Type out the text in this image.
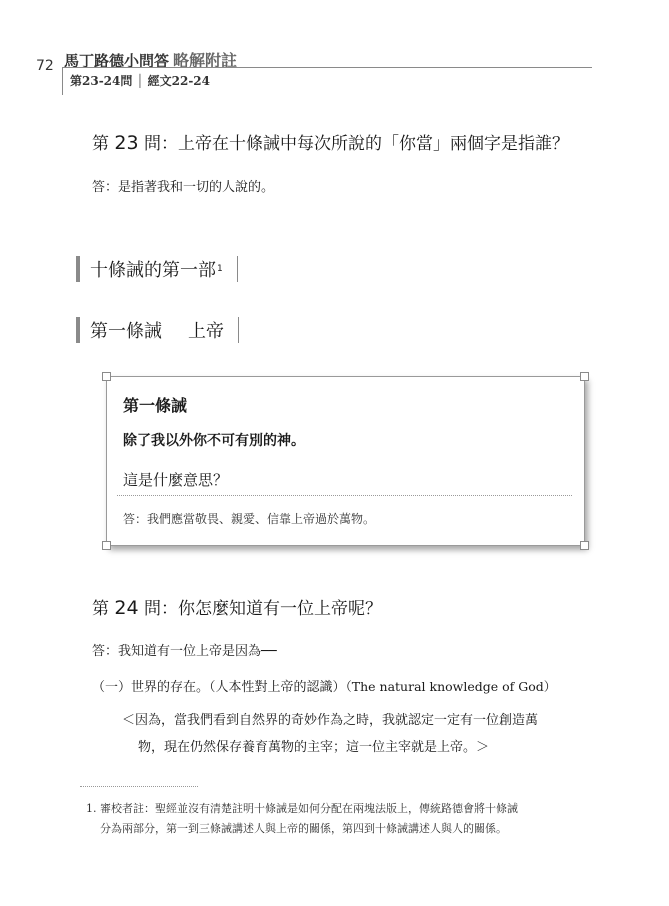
72 馬丁路德小問答 略解附註
第23-24問 │ 經文22-24
第 23 問：上帝在十條誡中每次所說的「你當」兩個字是指誰？
答：是指著我和一切的人說的。
十條誡的第一部 1
第一條誡 上帝
第一條誡
除了我以外你不可有別的神。
這是什麼意思？
答：我們應當敬畏、親愛、信靠上帝過於萬物。
第 24 問：你怎麼知道有一位上帝呢？
答：我知道有一位上帝是因為──
（一）世界的存在。（人本性對上帝的認識）（The natural knowledge of God）
＜因為，當我們看到自然界的奇妙作為之時，我就認定一定有一位創造萬
物，現在仍然保存養育萬物的主宰；這一位主宰就是上帝。＞
1. 審校者註：聖經並沒有清楚註明十條誡是如何分配在兩塊法版上，傳統路德會將十條誡
分為兩部分，第一到三條誡講述人與上帝的關係，第四到十條誡講述人與人的關係。
